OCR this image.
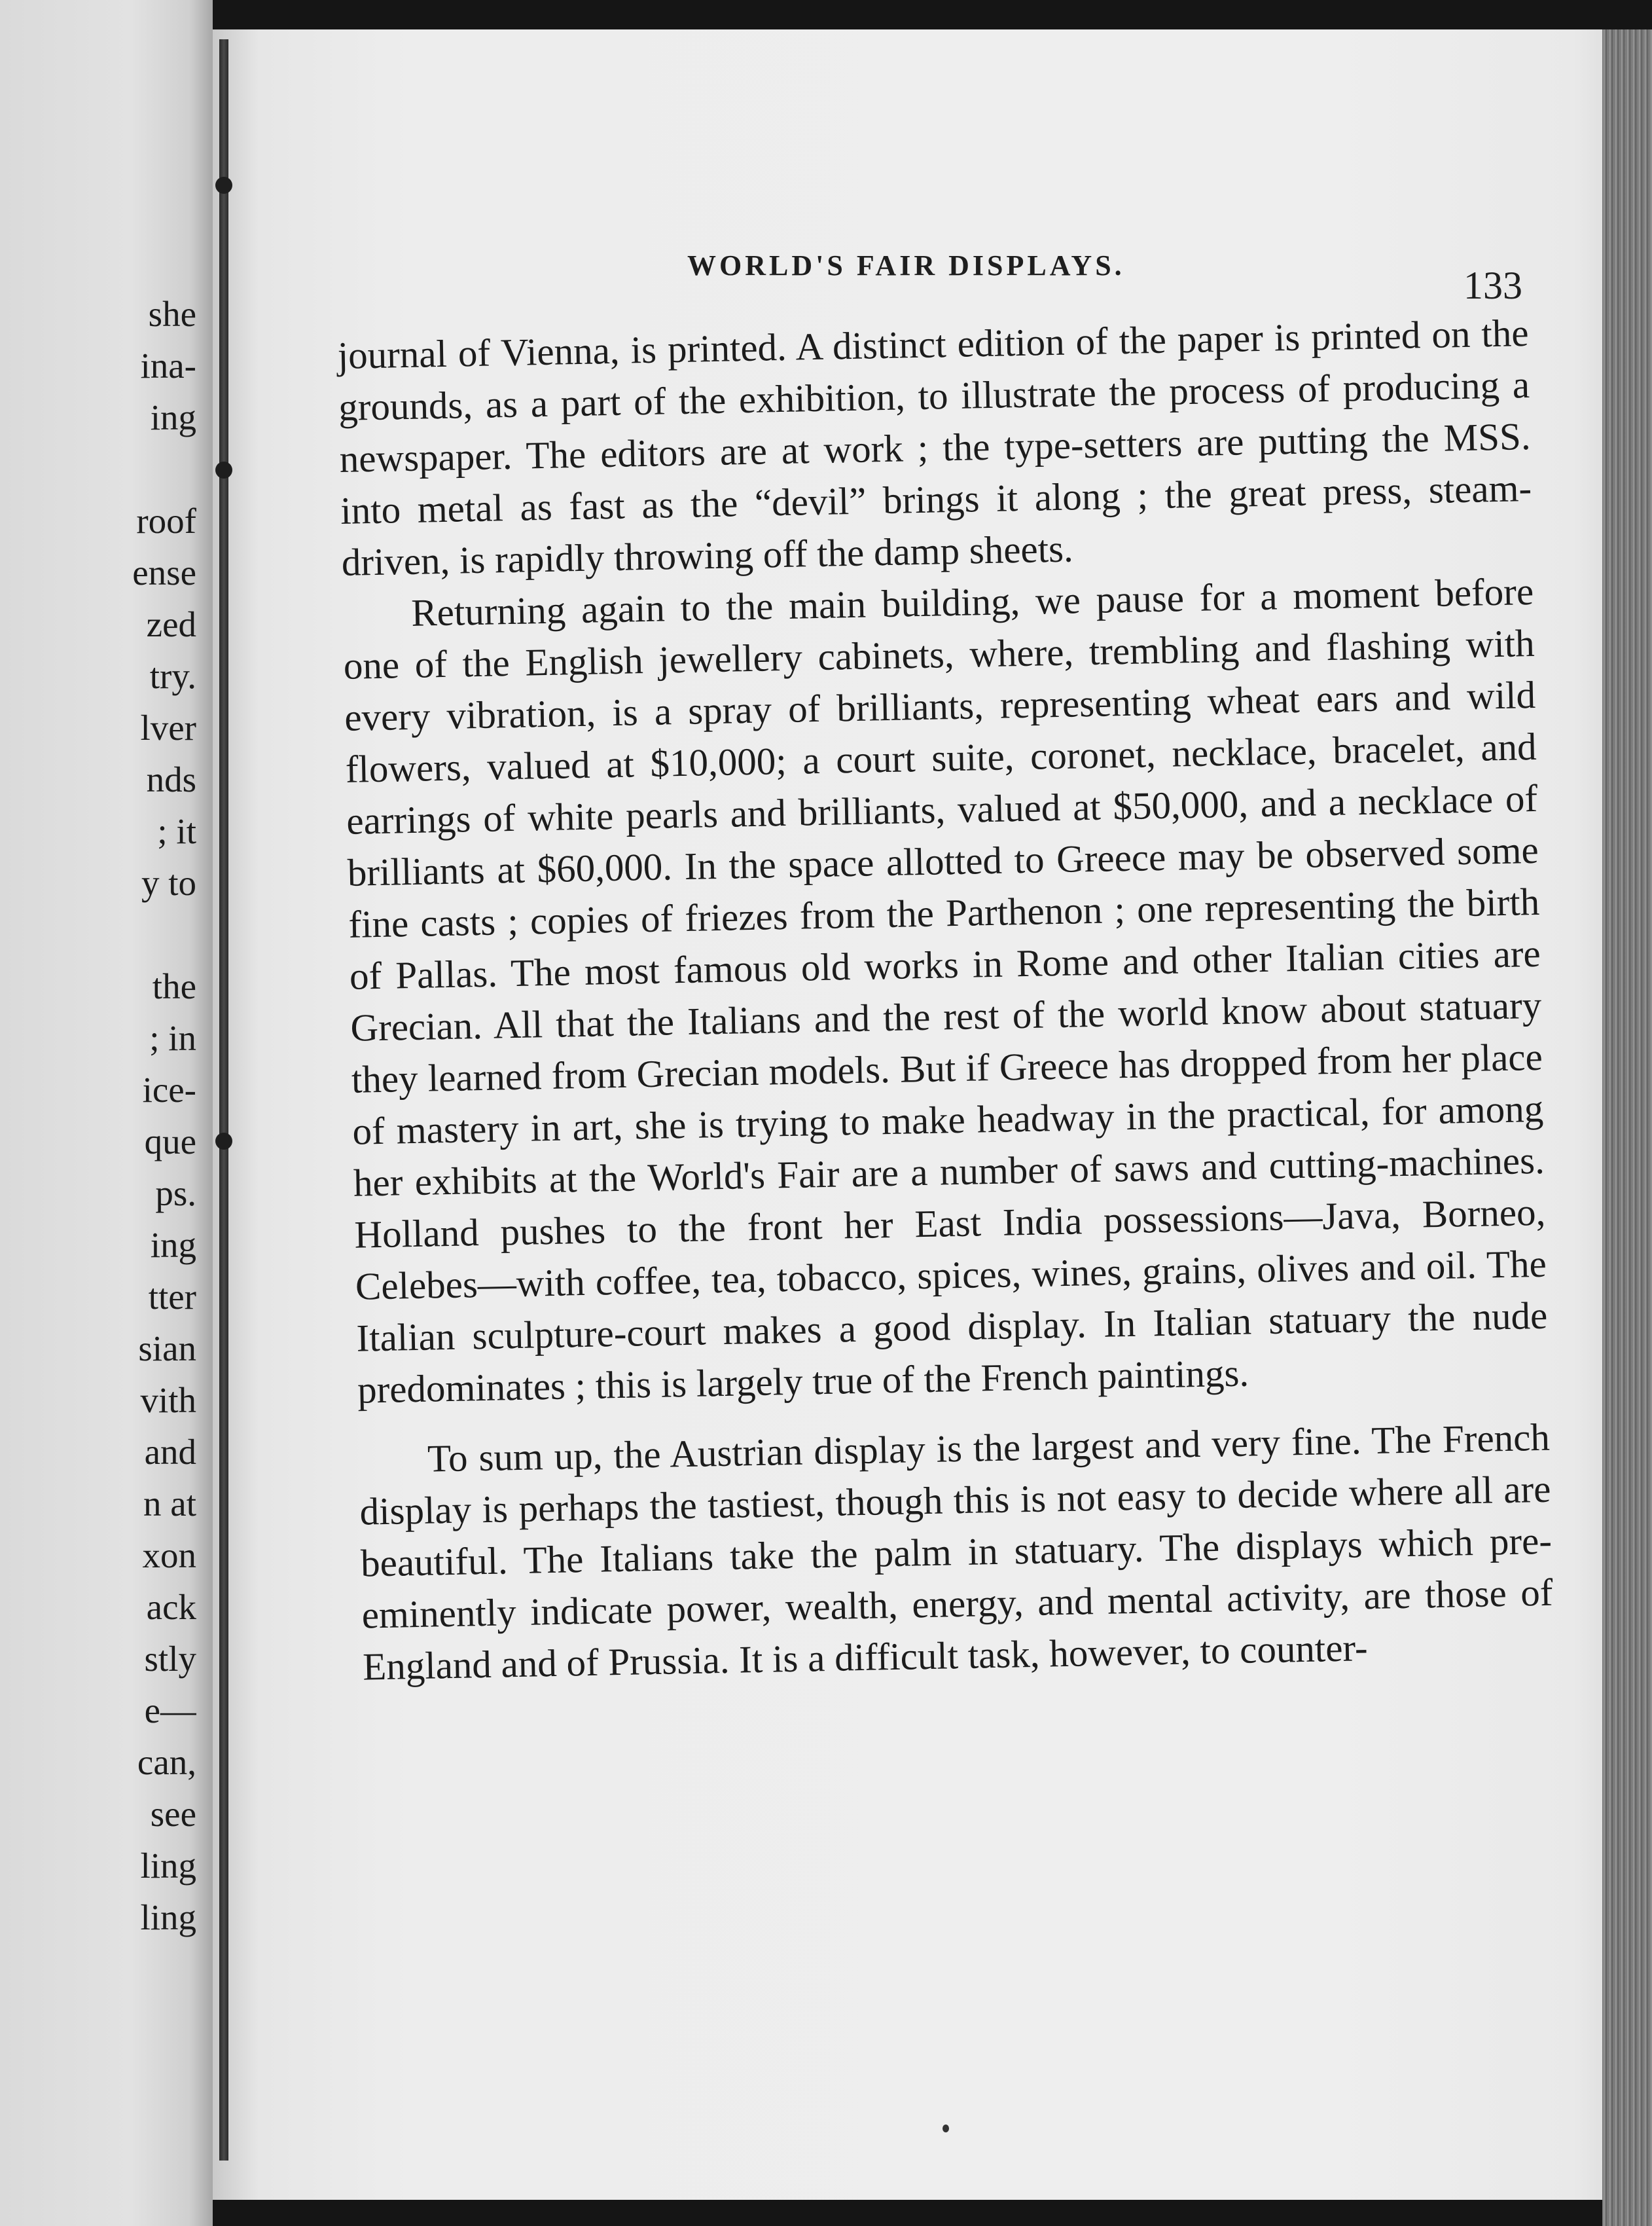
she
ina-
ing
roof
ense
zed
try.
lver
nds
; it
y to
the
; in
ice-
que
ps.
ing
tter
sian
vith
and
n at
xon
ack
stly
e—
can,
see
ling
ling
WORLD'S FAIR DISPLAYS.	133

journal of Vienna, is printed. A distinct edition of the paper is printed on the grounds, as a part of the exhibition, to illustrate the process of producing a newspaper. The editors are at work ; the type-setters are putting the MSS. into metal as fast as the “devil” brings it along ; the great press, steam-driven, is rapidly throwing off the damp sheets.

Returning again to the main building, we pause for a moment before one of the English jewellery cabinets, where, trembling and flashing with every vibration, is a spray of brilliants, representing wheat ears and wild flowers, valued at $10,000; a court suite, coronet, necklace, bracelet, and earrings of white pearls and brilliants, valued at $50,000, and a necklace of brilliants at $60,000. In the space allotted to Greece may be observed some fine casts ; copies of friezes from the Parthenon ; one representing the birth of Pallas. The most famous old works in Rome and other Italian cities are Grecian. All that the Italians and the rest of the world know about statuary they learned from Grecian models. But if Greece has dropped from her place of mastery in art, she is trying to make headway in the practical, for among her exhibits at the World's Fair are a number of saws and cutting-machines. Holland pushes to the front her East India possessions—Java, Borneo, Celebes—with coffee, tea, tobacco, spices, wines, grains, olives and oil. The Italian sculpture-court makes a good display. In Italian statuary the nude predominates ; this is largely true of the French paintings.

To sum up, the Austrian display is the largest and very fine. The French display is perhaps the tastiest, though this is not easy to decide where all are beautiful. The Italians take the palm in statuary. The displays which pre-eminently indicate power, wealth, energy, and mental activity, are those of England and of Prussia. It is a difficult task, however, to counter-
